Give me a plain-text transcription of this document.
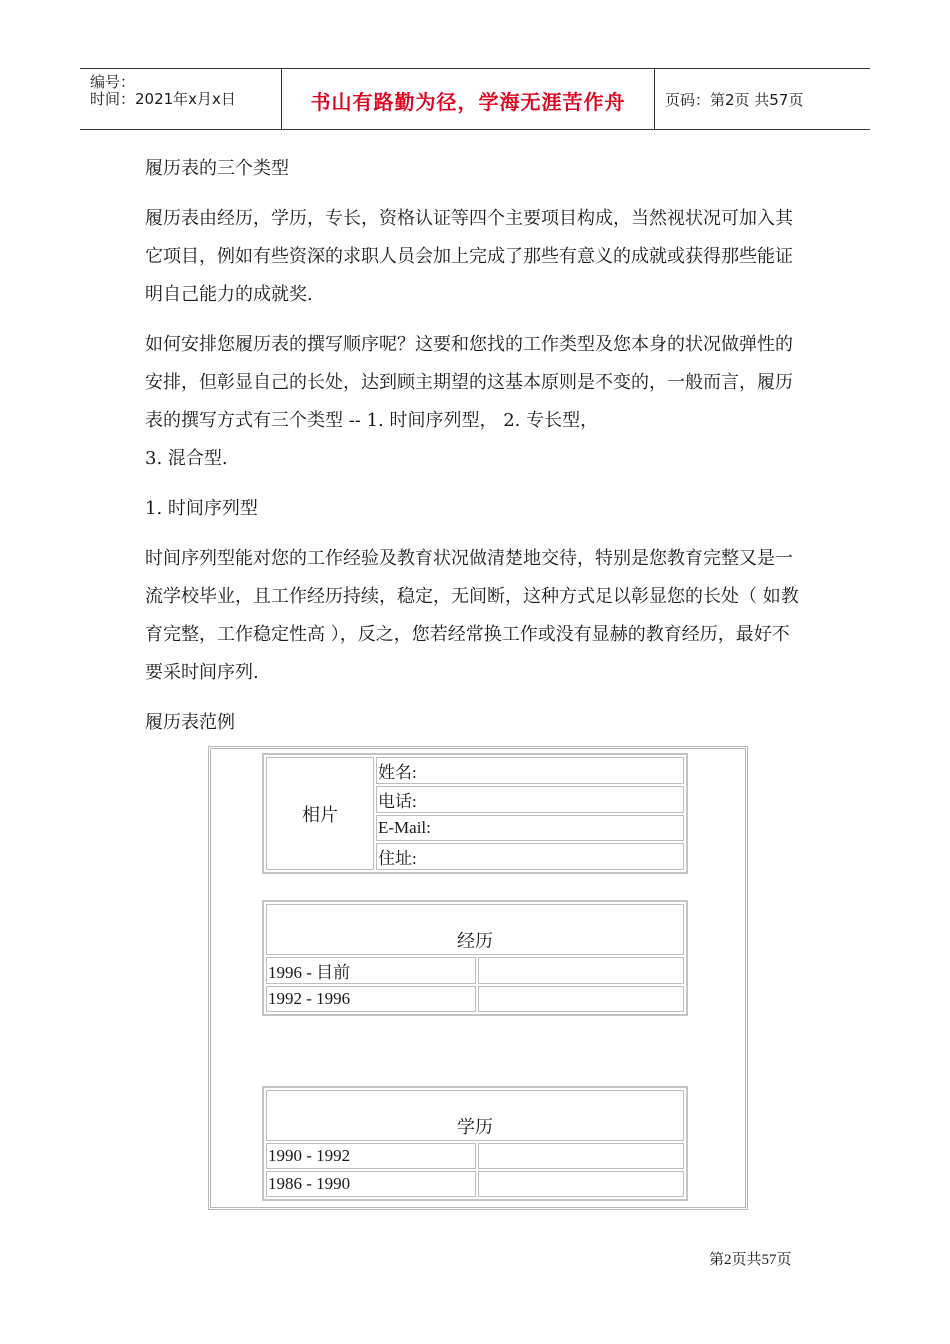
编号：
时间：2021年x月x日	书山有路勤为径，学海无涯苦作舟	页码：第2页 共57页

履历表的三个类型

履历表由经历，学历，专长，资格认证等四个主要项目构成，当然视状况可加入其它项目，例如有些资深的求职人员会加上完成了那些有意义的成就或获得那些能证明自己能力的成就奖.

如何安排您履历表的撰写顺序呢？这要和您找的工作类型及您本身的状况做弹性的安排，但彰显自己的长处，达到顾主期望的这基本原则是不变的，一般而言，履历表的撰写方式有三个类型 -- 1. 时间序列型， 2. 专长型，

3. 混合型.

1. 时间序列型

时间序列型能对您的工作经验及教育状况做清楚地交待，特别是您教育完整又是一流学校毕业，且工作经历持续，稳定，无间断，这种方式足以彰显您的长处（ 如教育完整，工作稳定性高 ），反之，您若经常换工作或没有显赫的教育经历，最好不要采时间序列.

履历表范例

相片	姓名:
电话:
E-Mail:
住址:
经历	
1996 - 目前	
1992 - 1996	
学历	
1990 - 1992	
1986 - 1990	
第2页共57页
